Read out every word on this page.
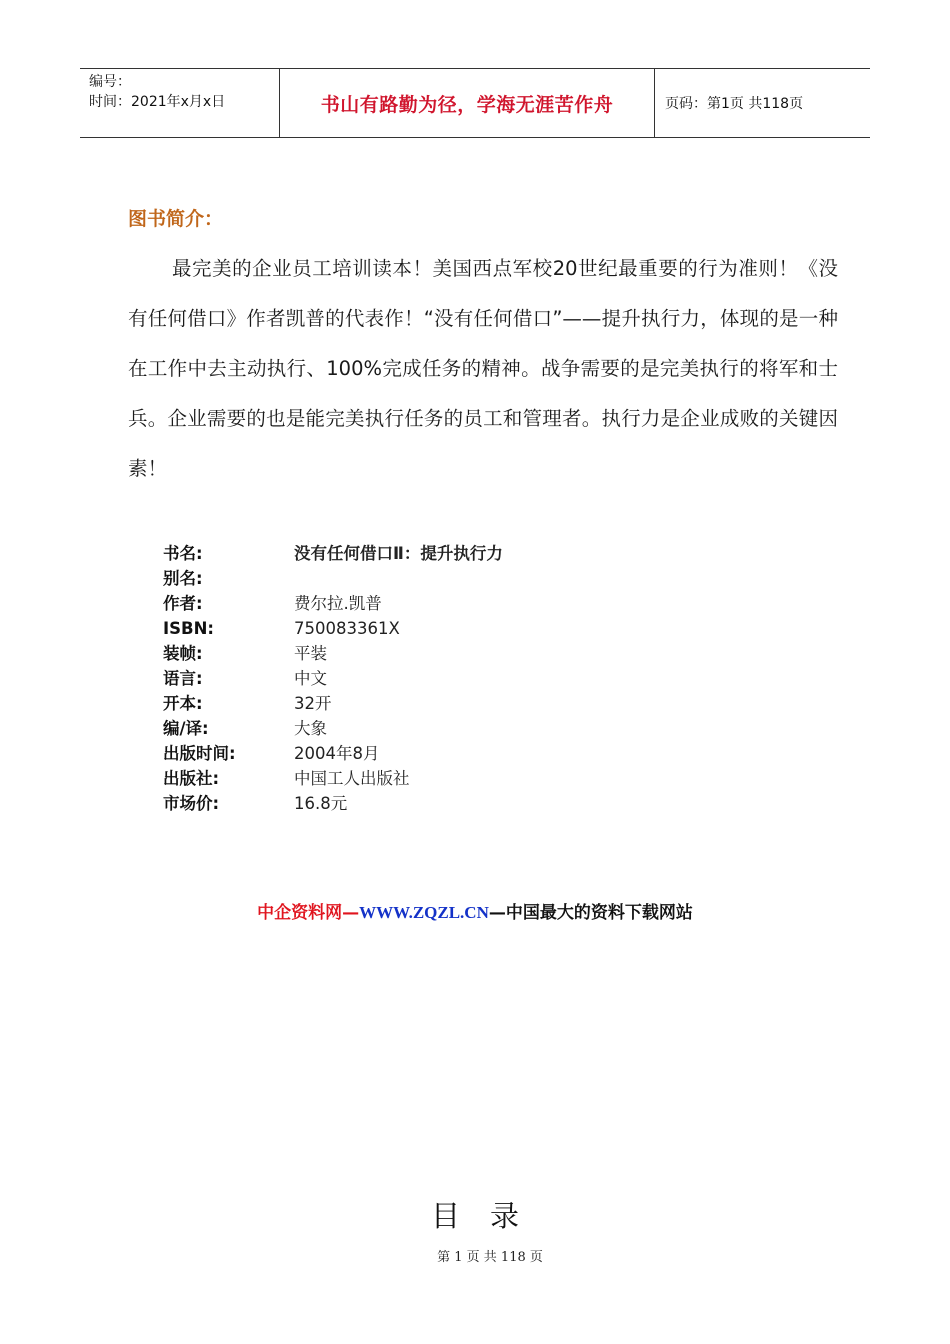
编号：
时间：2021年x月x日	书山有路勤为径，学海无涯苦作舟	页码：第1页 共118页
图书简介：
最完美的企业员工培训读本！美国西点军校20世纪最重要的行为准则！《没有任何借口》作者凯普的代表作！“没有任何借口”——提升执行力，体现的是一种在工作中去主动执行、100%完成任务的精神。战争需要的是完美执行的将军和士兵。企业需要的也是能完美执行任务的员工和管理者。执行力是企业成败的关键因素！
书名:	没有任何借口Ⅱ：提升执行力
别名:
作者:	费尔拉.凯普
ISBN:	750083361X
装帧:	平装
语言:	中文
开本:	32开
编/译:	大象
出版时间:	2004年8月
出版社:	中国工人出版社
市场价:	16.8元
中企资料网—WWW.ZQZL.CN—中国最大的资料下载网站
目录
第 1 页 共 118 页
